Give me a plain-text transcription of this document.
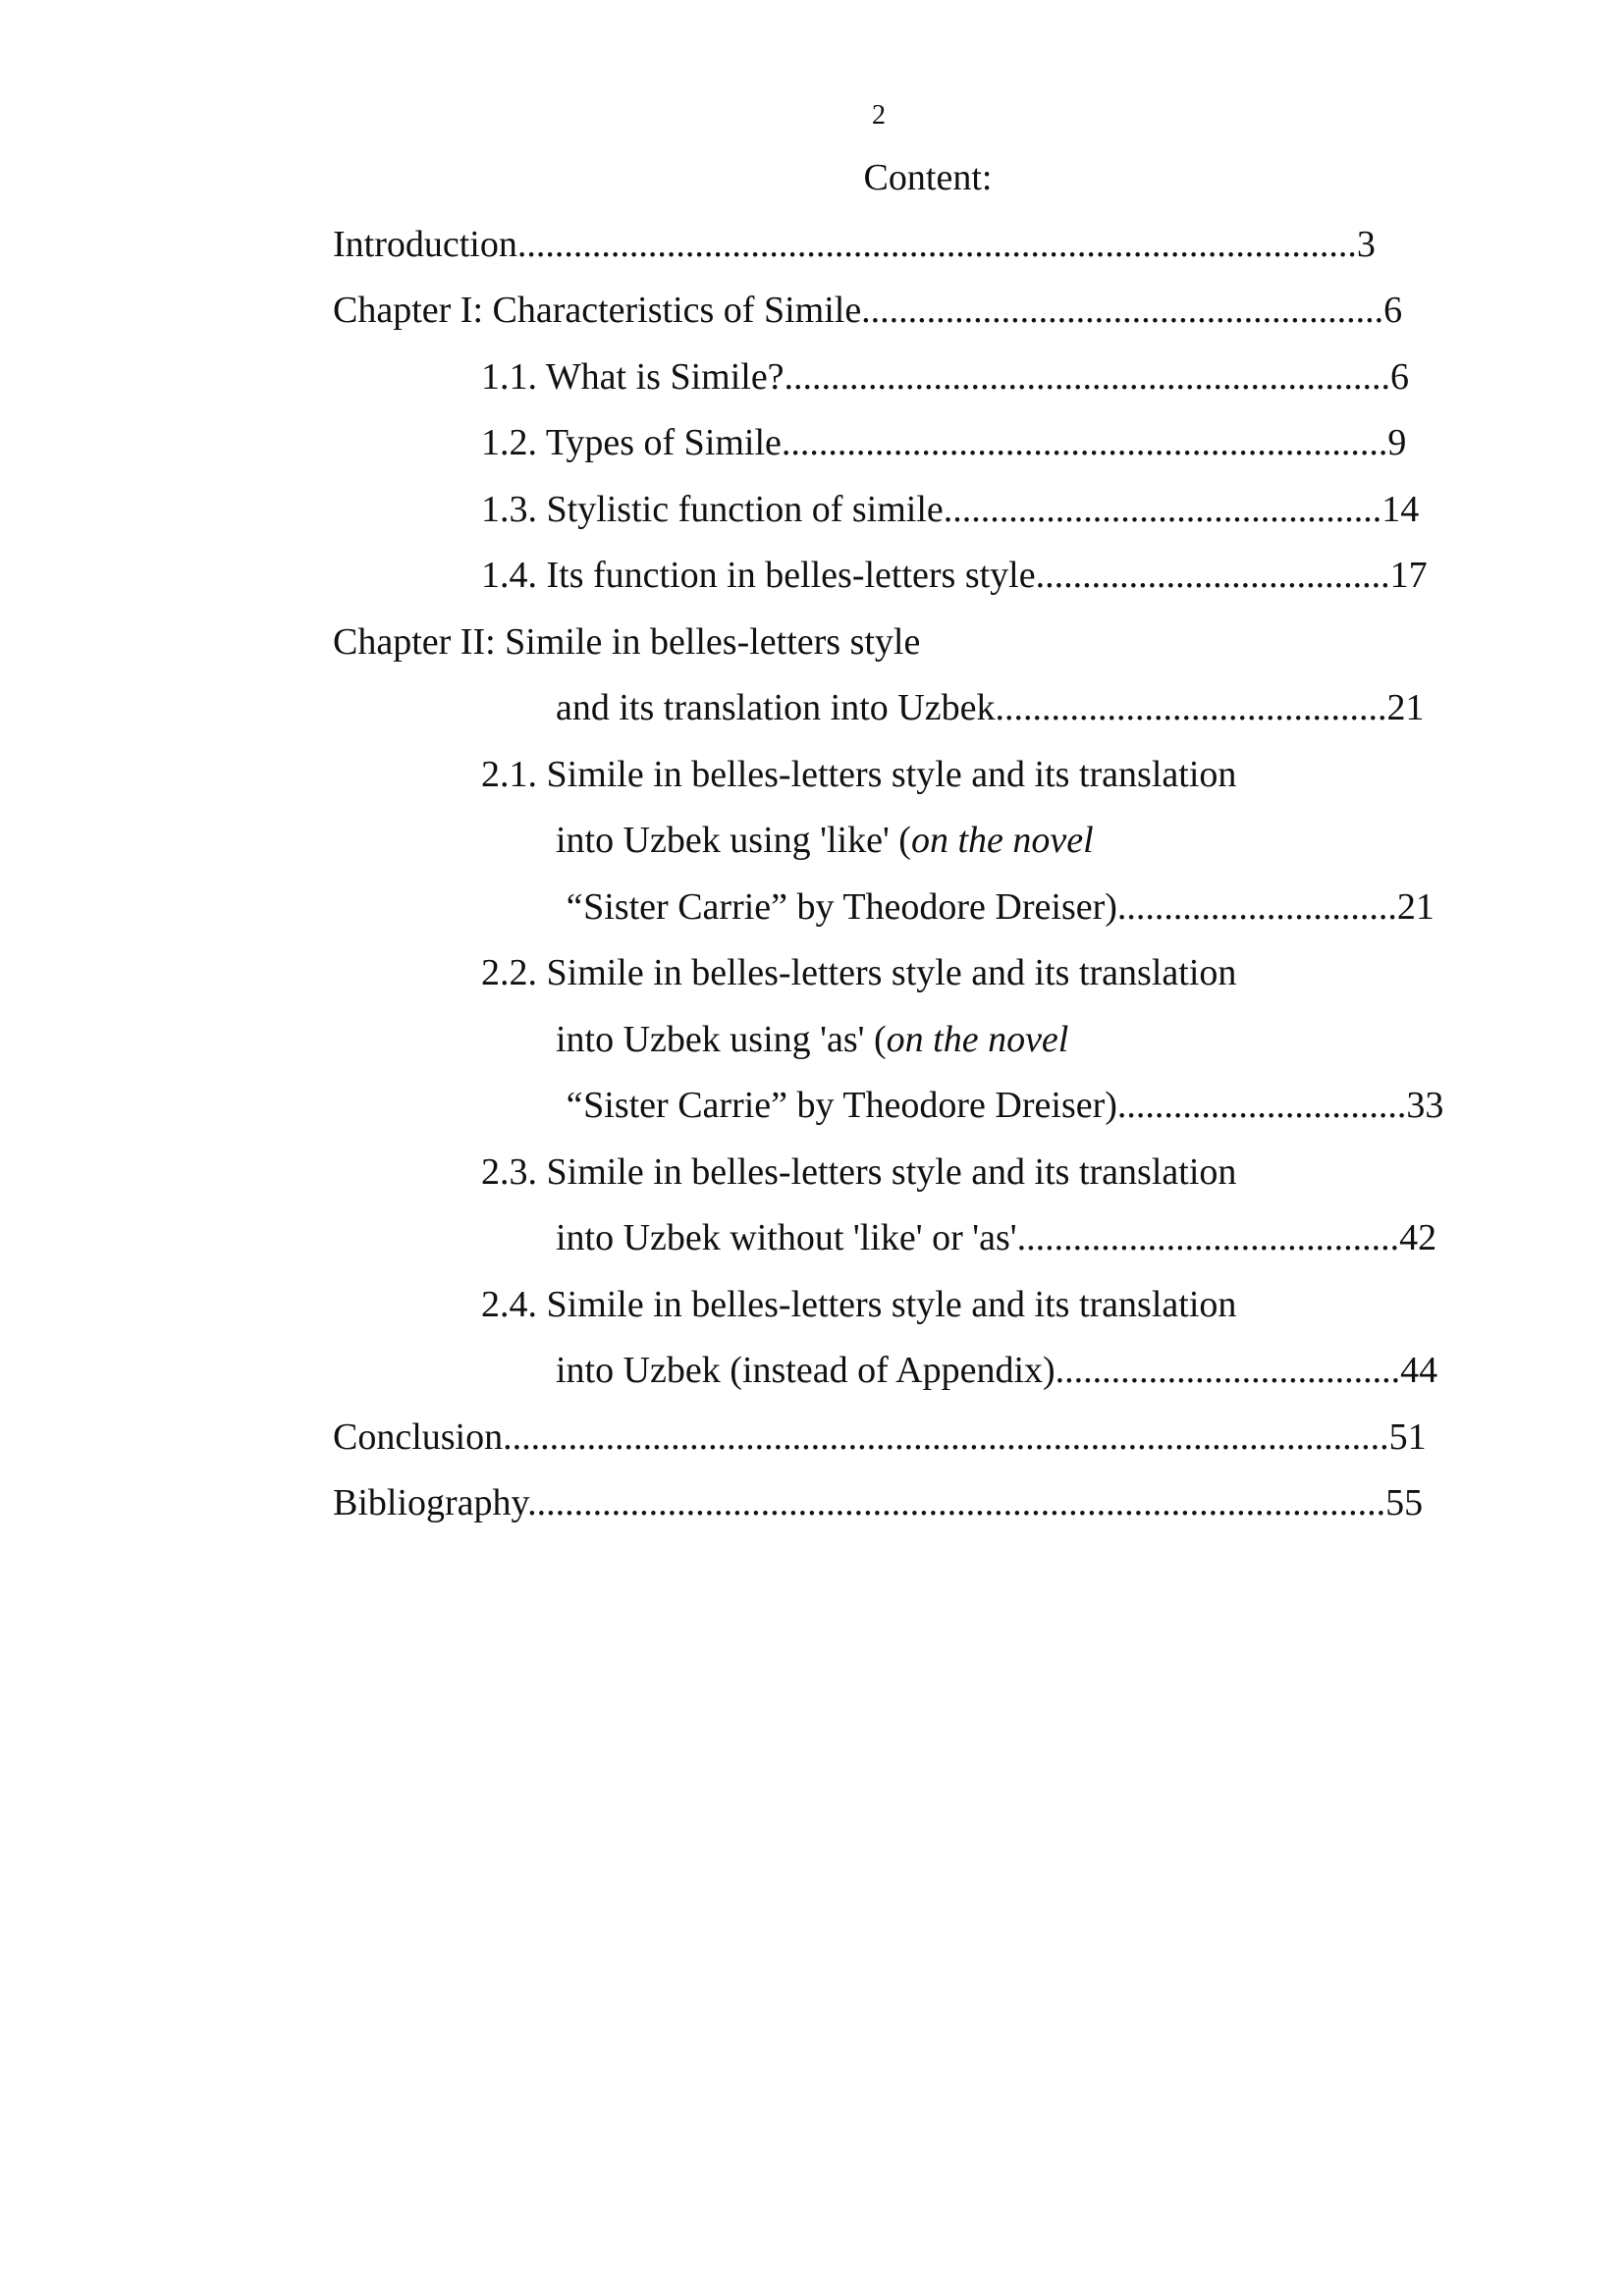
2
Content:
Introduction..........................................................................................3
Chapter I: Characteristics of Simile........................................................6
1.1. What is Simile?.................................................................6
1.2. Types of Simile.................................................................9
1.3. Stylistic function of simile...............................................14
1.4. Its function in belles-letters style......................................17
Chapter II: Simile in belles-letters style
and its translation into Uzbek..........................................21
2.1. Simile in belles-letters style and its translation
into Uzbek using 'like' (on the novel
“Sister Carrie” by Theodore Dreiser)..............................21
2.2. Simile in belles-letters style and its translation
into Uzbek using 'as' (on the novel
“Sister Carrie” by Theodore Dreiser)...............................33
2.3. Simile in belles-letters style and its translation
into Uzbek without 'like' or 'as'.........................................42
2.4. Simile in belles-letters style and its translation
into Uzbek (instead of Appendix).....................................44
Conclusion...............................................................................................51
Bibliography............................................................................................55
